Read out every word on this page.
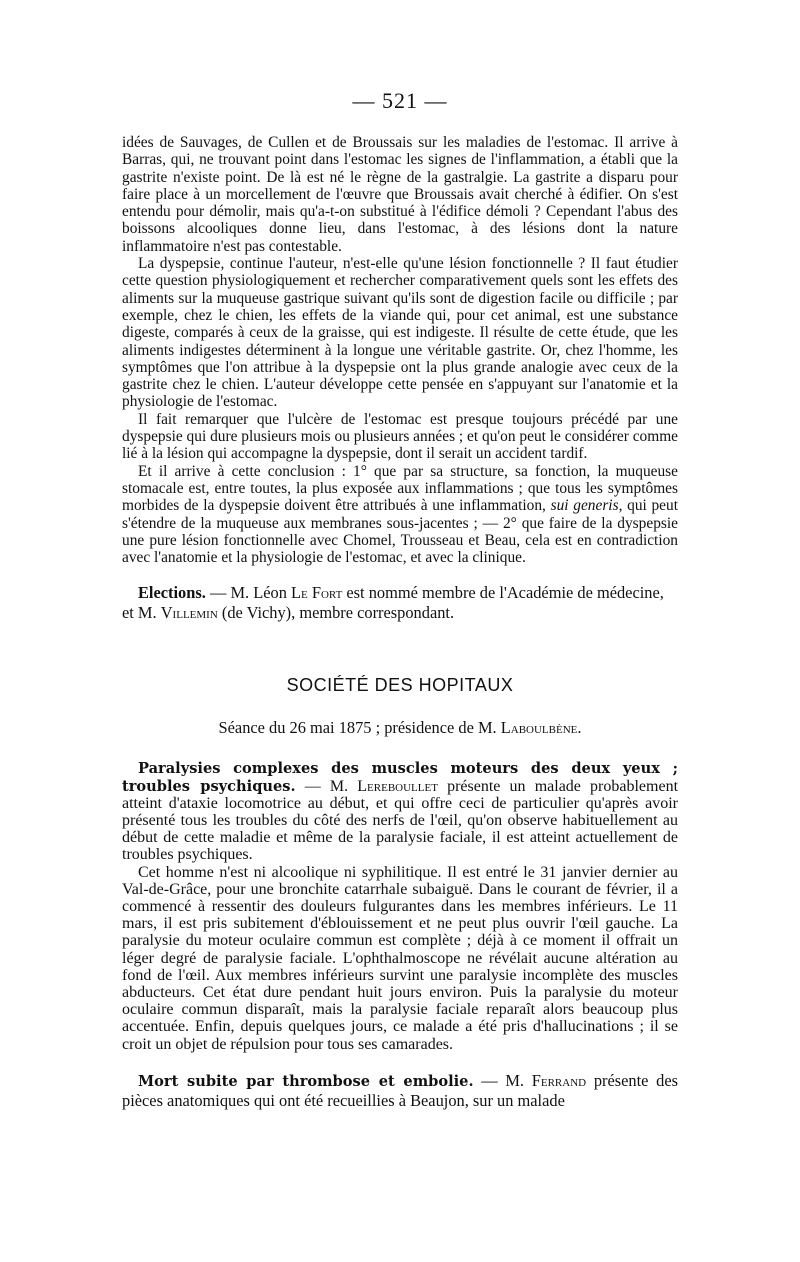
— 521 —

idées de Sauvages, de Cullen et de Broussais sur les maladies de l'estomac. Il arrive à Barras, qui, ne trouvant point dans l'estomac les signes de l'inflammation, a établi que la gastrite n'existe point. De là est né le règne de la gastralgie. La gastrite a disparu pour faire place à un morcellement de l'œuvre que Broussais avait cherché à édifier. On s'est entendu pour démolir, mais qu'a-t-on substitué à l'édifice démoli ? Cependant l'abus des boissons alcooliques donne lieu, dans l'estomac, à des lésions dont la nature inflammatoire n'est pas contestable.

La dyspepsie, continue l'auteur, n'est-elle qu'une lésion fonctionnelle ? Il faut étudier cette question physiologiquement et rechercher comparativement quels sont les effets des aliments sur la muqueuse gastrique suivant qu'ils sont de digestion facile ou difficile ; par exemple, chez le chien, les effets de la viande qui, pour cet animal, est une substance digeste, comparés à ceux de la graisse, qui est indigeste. Il résulte de cette étude, que les aliments indigestes déterminent à la longue une véritable gastrite. Or, chez l'homme, les symptômes que l'on attribue à la dyspepsie ont la plus grande analogie avec ceux de la gastrite chez le chien. L'auteur développe cette pensée en s'appuyant sur l'anatomie et la physiologie de l'estomac.

Il fait remarquer que l'ulcère de l'estomac est presque toujours précédé par une dyspepsie qui dure plusieurs mois ou plusieurs années ; et qu'on peut le considérer comme lié à la lésion qui accompagne la dyspepsie, dont il serait un accident tardif.

Et il arrive à cette conclusion : 1° que par sa structure, sa fonction, la muqueuse stomacale est, entre toutes, la plus exposée aux inflammations ; que tous les symptômes morbides de la dyspepsie doivent être attribués à une inflammation, sui generis, qui peut s'étendre de la muqueuse aux membranes sous-jacentes ; — 2° que faire de la dyspepsie une pure lésion fonctionnelle avec Chomel, Trousseau et Beau, cela est en contradiction avec l'anatomie et la physiologie de l'estomac, et avec la clinique.

Elections. — M. Léon Le Fort est nommé membre de l'Académie de médecine, et M. Villemin (de Vichy), membre correspondant.

SOCIÉTÉ DES HOPITAUX
Séance du 26 mai 1875 ; présidence de M. Laboulbène.

Paralysies complexes des muscles moteurs des deux yeux ; troubles psychiques. — M. Lereboullet présente un malade probablement atteint d'ataxie locomotrice au début, et qui offre ceci de particulier qu'après avoir présenté tous les troubles du côté des nerfs de l'œil, qu'on observe habituellement au début de cette maladie et même de la paralysie faciale, il est atteint actuellement de troubles psychiques.

Cet homme n'est ni alcoolique ni syphilitique. Il est entré le 31 janvier dernier au Val-de-Grâce, pour une bronchite catarrhale subaiguë. Dans le courant de février, il a commencé à ressentir des douleurs fulgurantes dans les membres inférieurs. Le 11 mars, il est pris subitement d'éblouissement et ne peut plus ouvrir l'œil gauche. La paralysie du moteur oculaire commun est complète ; déjà à ce moment il offrait un léger degré de paralysie faciale. L'ophthalmoscope ne révélait aucune altération au fond de l'œil. Aux membres inférieurs survint une paralysie incomplète des muscles abducteurs. Cet état dure pendant huit jours environ. Puis la paralysie du moteur oculaire commun disparaît, mais la paralysie faciale reparaît alors beaucoup plus accentuée. Enfin, depuis quelques jours, ce malade a été pris d'hallucinations ; il se croit un objet de répulsion pour tous ses camarades.

Mort subite par thrombose et embolie. — M. Ferrand présente des pièces anatomiques qui ont été recueillies à Beaujon, sur un malade
